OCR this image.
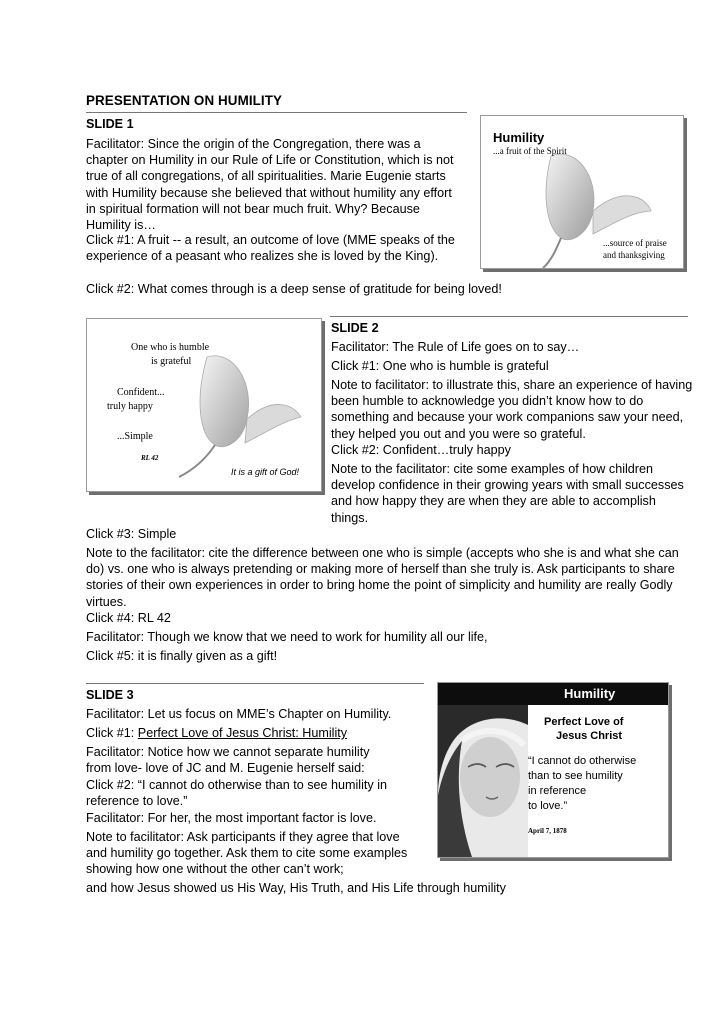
PRESENTATION ON HUMILITY
SLIDE 1

Facilitator: Since the origin of the Congregation, there was a chapter on Humility in our Rule of Life or Constitution, which is not true of all congregations, of all spiritualities. Marie Eugenie starts with Humility because she believed that without humility any effort in spiritual formation will not bear much fruit. Why? Because Humility is…

Click #1: A fruit -- a result, an outcome of love (MME speaks of the experience of a peasant who realizes she is loved by the King).

Click #2: What comes through is a deep sense of gratitude for being loved!

Humility
...a fruit of the Spirit
...source of praise
and thanksgiving
One who is humble
is grateful
Confident...
truly happy
...Simple
RL 42
It is a gift of God!
SLIDE 2

Facilitator: The Rule of Life goes on to say…

Click #1: One who is humble is grateful

Note to facilitator: to illustrate this, share an experience of having been humble to acknowledge you didn’t know how to do something and because your work companions saw your need, they helped you out and you were so grateful.

Click #2: Confident…truly happy

Note to the facilitator: cite some examples of how children develop confidence in their growing years with small successes and how happy they are when they are able to accomplish things.

Click #3: Simple

Note to the facilitator: cite the difference between one who is simple (accepts who she is and what she can do) vs. one who is always pretending or making more of herself than she truly is. Ask participants to share stories of their own experiences in order to bring home the point of simplicity and humility are really Godly virtues.

Click #4: RL 42

Facilitator: Though we know that we need to work for humility all our life,

Click #5: it is finally given as a gift!

SLIDE 3

Facilitator: Let us focus on MME’s Chapter on Humility.

Click #1: Perfect Love of Jesus Christ: Humility

Facilitator: Notice how we cannot separate humility from love- love of JC and M. Eugenie herself said:

Click #2: “I cannot do otherwise than to see humility in reference to love.”

Facilitator: For her, the most important factor is love.

Note to facilitator: Ask participants if they agree that love and humility go together. Ask them to cite some examples showing how one without the other can’t work;

and how Jesus showed us His Way, His Truth, and His Life through humility

Humility
Perfect Love of
Jesus Christ
“I cannot do otherwise
than to see humility
in reference
to love.”
April 7, 1878
